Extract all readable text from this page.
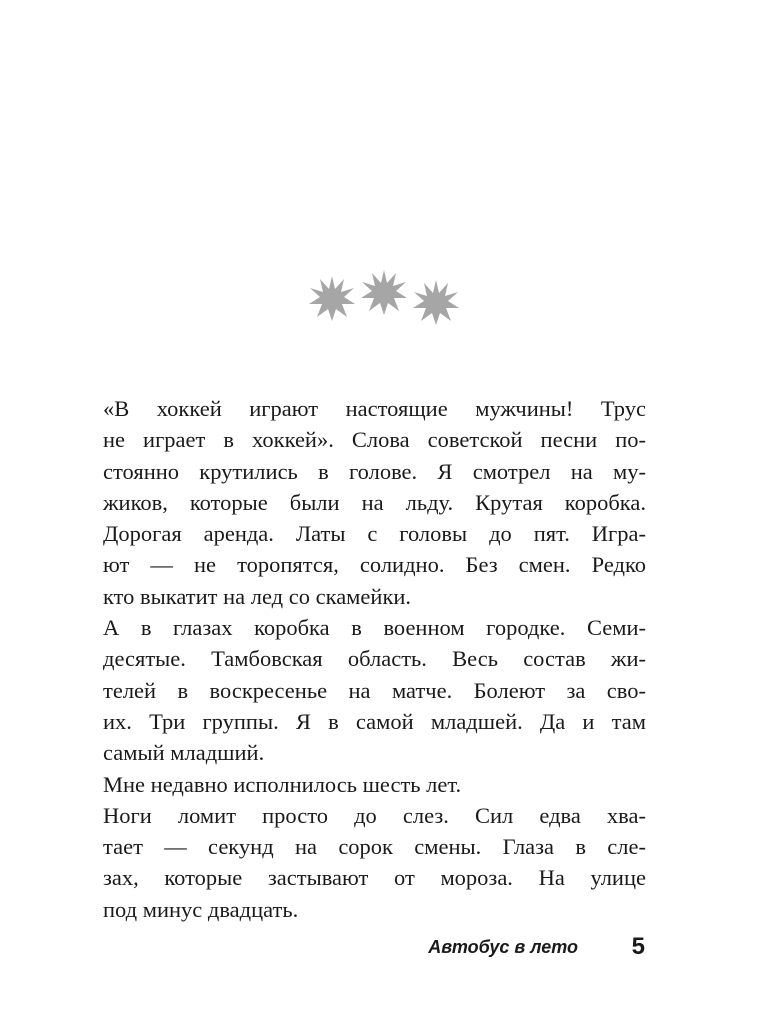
«В хоккей играют настоящие мужчины! Трус
не играет в хоккей». Слова советской песни по-
стоянно крутились в голове. Я смотрел на му-
жиков, которые были на льду. Крутая коробка.
Дорогая аренда. Латы с головы до пят. Игра-
ют — не торопятся, солидно. Без смен. Редко
кто выкатит на лед со скамейки.
А в глазах коробка в военном городке. Семи-
десятые. Тамбовская область. Весь состав жи-
телей в воскресенье на матче. Болеют за сво-
их. Три группы. Я в самой младшей. Да и там
самый младший.
Мне недавно исполнилось шесть лет.
Ноги ломит просто до слез. Сил едва хва-
тает — секунд на сорок смены. Глаза в сле-
зах, которые застывают от мороза. На улице
под минус двадцать.
Автобус в лето 5
